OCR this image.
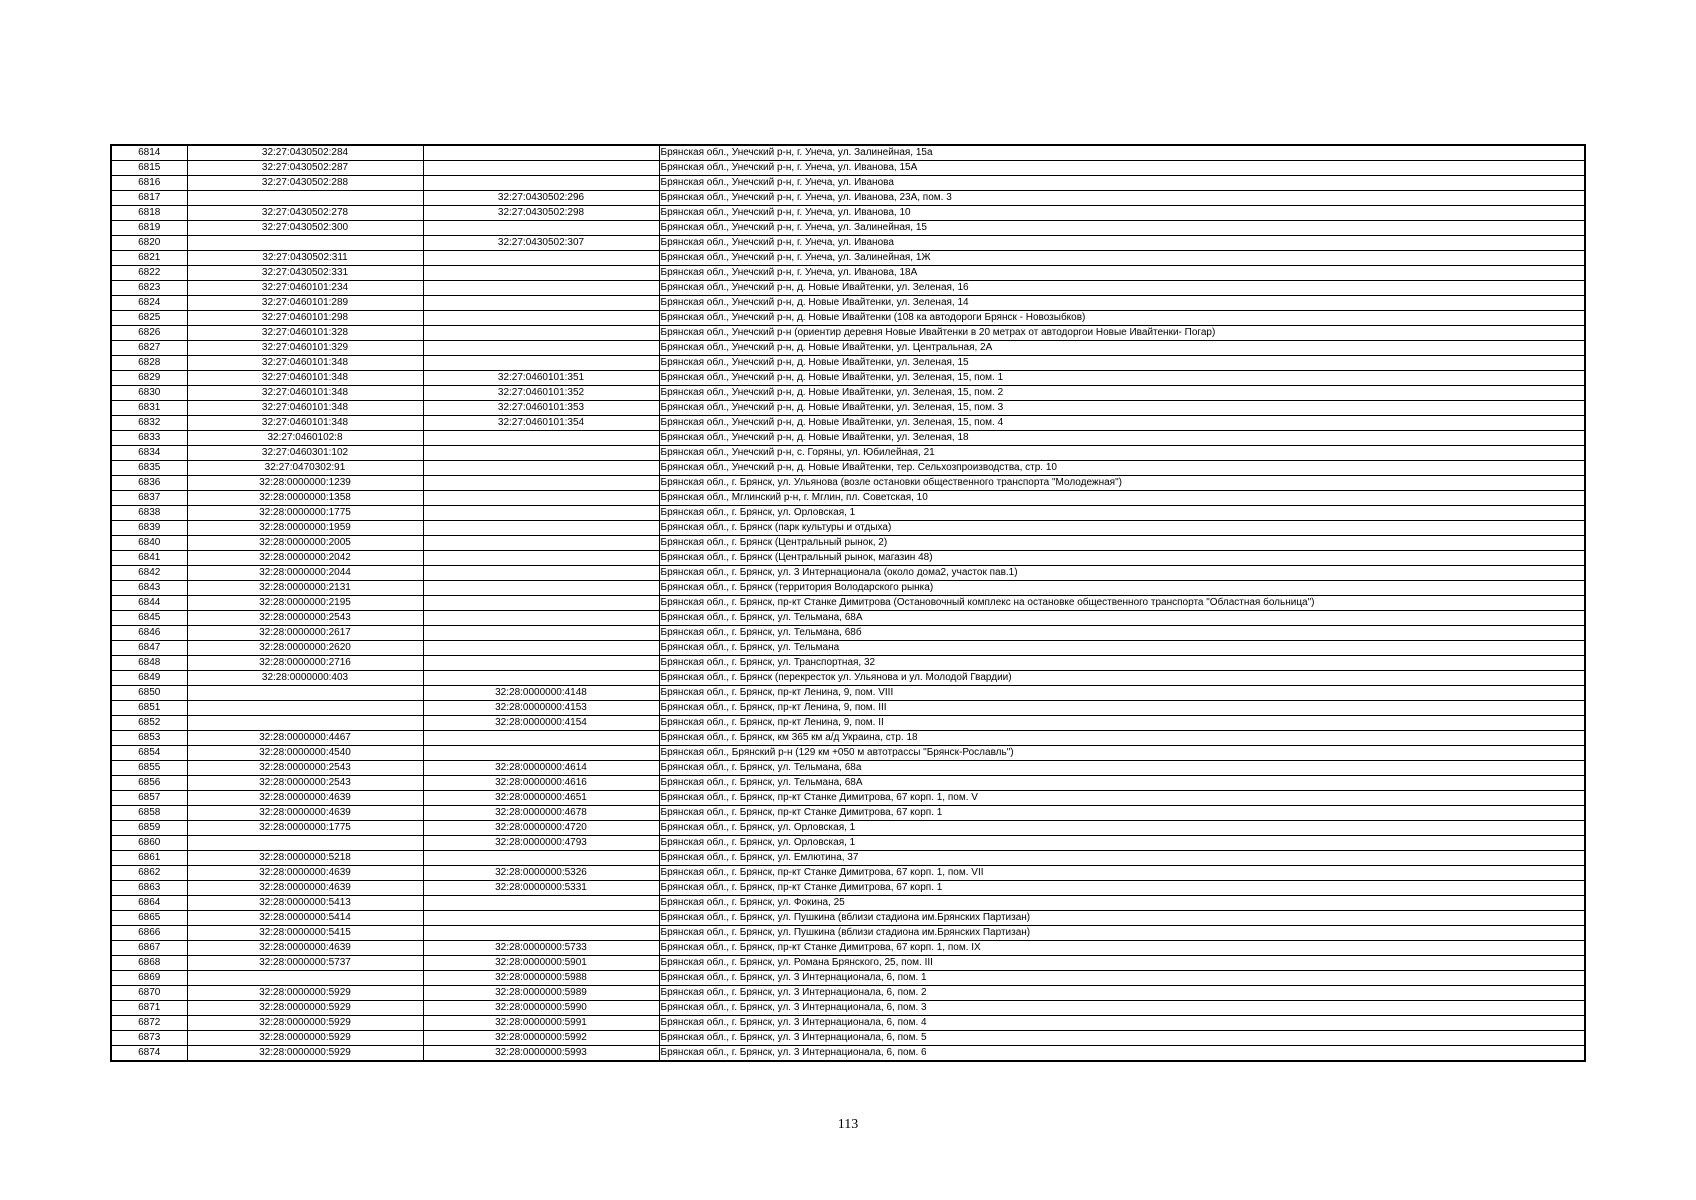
6814	32:27:0430502:284		Брянская обл., Унечский р-н, г. Унеча, ул. Залинейная, 15а
6815	32:27:0430502:287		Брянская обл., Унечский р-н, г. Унеча, ул. Иванова, 15А
6816	32:27:0430502:288		Брянская обл., Унечский р-н, г. Унеча, ул. Иванова
6817		32:27:0430502:296	Брянская обл., Унечский р-н, г. Унеча, ул. Иванова, 23А, пом. 3
6818	32:27:0430502:278	32:27:0430502:298	Брянская обл., Унечский р-н, г. Унеча, ул. Иванова, 10
6819	32:27:0430502:300		Брянская обл., Унечский р-н, г. Унеча, ул. Залинейная, 15
6820		32:27:0430502:307	Брянская обл., Унечский р-н, г. Унеча, ул. Иванова
6821	32:27:0430502:311		Брянская обл., Унечский р-н, г. Унеча, ул. Залинейная, 1Ж
6822	32:27:0430502:331		Брянская обл., Унечский р-н, г. Унеча, ул. Иванова, 18А
6823	32:27:0460101:234		Брянская обл., Унечский р-н, д. Новые Ивайтенки, ул. Зеленая, 16
6824	32:27:0460101:289		Брянская обл., Унечский р-н, д. Новые Ивайтенки, ул. Зеленая, 14
6825	32:27:0460101:298		Брянская обл., Унечский р-н, д. Новые Ивайтенки (108 ка автодороги Брянск - Новозыбков)
6826	32:27:0460101:328		Брянская обл., Унечский р-н (ориентир деревня Новые Ивайтенки в 20 метрах от автодоргои Новые Ивайтенки- Погар)
6827	32:27:0460101:329		Брянская обл., Унечский р-н, д. Новые Ивайтенки, ул. Центральная, 2А
6828	32:27:0460101:348		Брянская обл., Унечский р-н, д. Новые Ивайтенки, ул. Зеленая, 15
6829	32:27:0460101:348	32:27:0460101:351	Брянская обл., Унечский р-н, д. Новые Ивайтенки, ул. Зеленая, 15, пом. 1
6830	32:27:0460101:348	32:27:0460101:352	Брянская обл., Унечский р-н, д. Новые Ивайтенки, ул. Зеленая, 15, пом. 2
6831	32:27:0460101:348	32:27:0460101:353	Брянская обл., Унечский р-н, д. Новые Ивайтенки, ул. Зеленая, 15, пом. 3
6832	32:27:0460101:348	32:27:0460101:354	Брянская обл., Унечский р-н, д. Новые Ивайтенки, ул. Зеленая, 15, пом. 4
6833	32:27:0460102:8		Брянская обл., Унечский р-н, д. Новые Ивайтенки, ул. Зеленая, 18
6834	32:27:0460301:102		Брянская обл., Унечский р-н, с. Горяны, ул. Юбилейная, 21
6835	32:27:0470302:91		Брянская обл., Унечский р-н, д. Новые Ивайтенки, тер. Сельхозпроизводства, стр. 10
6836	32:28:0000000:1239		Брянская обл., г. Брянск, ул. Ульянова (возле остановки общественного транспорта "Молодежная")
6837	32:28:0000000:1358		Брянская обл., Мглинский р-н, г. Мглин, пл. Советская, 10
6838	32:28:0000000:1775		Брянская обл., г. Брянск, ул. Орловская, 1
6839	32:28:0000000:1959		Брянская обл., г. Брянск (парк культуры и отдыха)
6840	32:28:0000000:2005		Брянская обл., г. Брянск (Центральный рынок, 2)
6841	32:28:0000000:2042		Брянская обл., г. Брянск (Центральный рынок, магазин 48)
6842	32:28:0000000:2044		Брянская обл., г. Брянск, ул. 3 Интернационала (около дома2, участок пав.1)
6843	32:28:0000000:2131		Брянская обл., г. Брянск (территория Володарского рынка)
6844	32:28:0000000:2195		Брянская обл., г. Брянск, пр-кт Станке Димитрова (Остановочный комплекс на остановке общественного транспорта "Областная больница")
6845	32:28:0000000:2543		Брянская обл., г. Брянск, ул. Тельмана, 68А
6846	32:28:0000000:2617		Брянская обл., г. Брянск, ул. Тельмана, 68б
6847	32:28:0000000:2620		Брянская обл., г. Брянск, ул. Тельмана
6848	32:28:0000000:2716		Брянская обл., г. Брянск, ул. Транспортная, 32
6849	32:28:0000000:403		Брянская обл., г. Брянск (перекресток ул. Ульянова и ул. Молодой Гвардии)
6850		32:28:0000000:4148	Брянская обл., г. Брянск, пр-кт Ленина, 9, пом. VIII
6851		32:28:0000000:4153	Брянская обл., г. Брянск, пр-кт Ленина, 9, пом. III
6852		32:28:0000000:4154	Брянская обл., г. Брянск, пр-кт Ленина, 9, пом. II
6853	32:28:0000000:4467		Брянская обл., г. Брянск, км 365 км а/д Украина, стр. 18
6854	32:28:0000000:4540		Брянская обл., Брянский р-н (129 км +050 м автотрассы "Брянск-Рославль")
6855	32:28:0000000:2543	32:28:0000000:4614	Брянская обл., г. Брянск, ул. Тельмана, 68а
6856	32:28:0000000:2543	32:28:0000000:4616	Брянская обл., г. Брянск, ул. Тельмана, 68А
6857	32:28:0000000:4639	32:28:0000000:4651	Брянская обл., г. Брянск, пр-кт Станке Димитрова, 67 корп. 1, пом. V
6858	32:28:0000000:4639	32:28:0000000:4678	Брянская обл., г. Брянск, пр-кт Станке Димитрова, 67 корп. 1
6859	32:28:0000000:1775	32:28:0000000:4720	Брянская обл., г. Брянск, ул. Орловская, 1
6860		32:28:0000000:4793	Брянская обл., г. Брянск, ул. Орловская, 1
6861	32:28:0000000:5218		Брянская обл., г. Брянск, ул. Емлютина, 37
6862	32:28:0000000:4639	32:28:0000000:5326	Брянская обл., г. Брянск, пр-кт Станке Димитрова, 67 корп. 1, пом. VII
6863	32:28:0000000:4639	32:28:0000000:5331	Брянская обл., г. Брянск, пр-кт Станке Димитрова, 67 корп. 1
6864	32:28:0000000:5413		Брянская обл., г. Брянск, ул. Фокина, 25
6865	32:28:0000000:5414		Брянская обл., г. Брянск, ул. Пушкина (вблизи стадиона им.Брянских Партизан)
6866	32:28:0000000:5415		Брянская обл., г. Брянск, ул. Пушкина (вблизи стадиона им.Брянских Партизан)
6867	32:28:0000000:4639	32:28:0000000:5733	Брянская обл., г. Брянск, пр-кт Станке Димитрова, 67 корп. 1, пом. IX
6868	32:28:0000000:5737	32:28:0000000:5901	Брянская обл., г. Брянск, ул. Романа Брянского, 25, пом. III
6869		32:28:0000000:5988	Брянская обл., г. Брянск, ул. 3 Интернационала, 6, пом. 1
6870	32:28:0000000:5929	32:28:0000000:5989	Брянская обл., г. Брянск, ул. 3 Интернационала, 6, пом. 2
6871	32:28:0000000:5929	32:28:0000000:5990	Брянская обл., г. Брянск, ул. 3 Интернационала, 6, пом. 3
6872	32:28:0000000:5929	32:28:0000000:5991	Брянская обл., г. Брянск, ул. 3 Интернационала, 6, пом. 4
6873	32:28:0000000:5929	32:28:0000000:5992	Брянская обл., г. Брянск, ул. 3 Интернационала, 6, пом. 5
6874	32:28:0000000:5929	32:28:0000000:5993	Брянская обл., г. Брянск, ул. 3 Интернационала, 6, пом. 6
113
